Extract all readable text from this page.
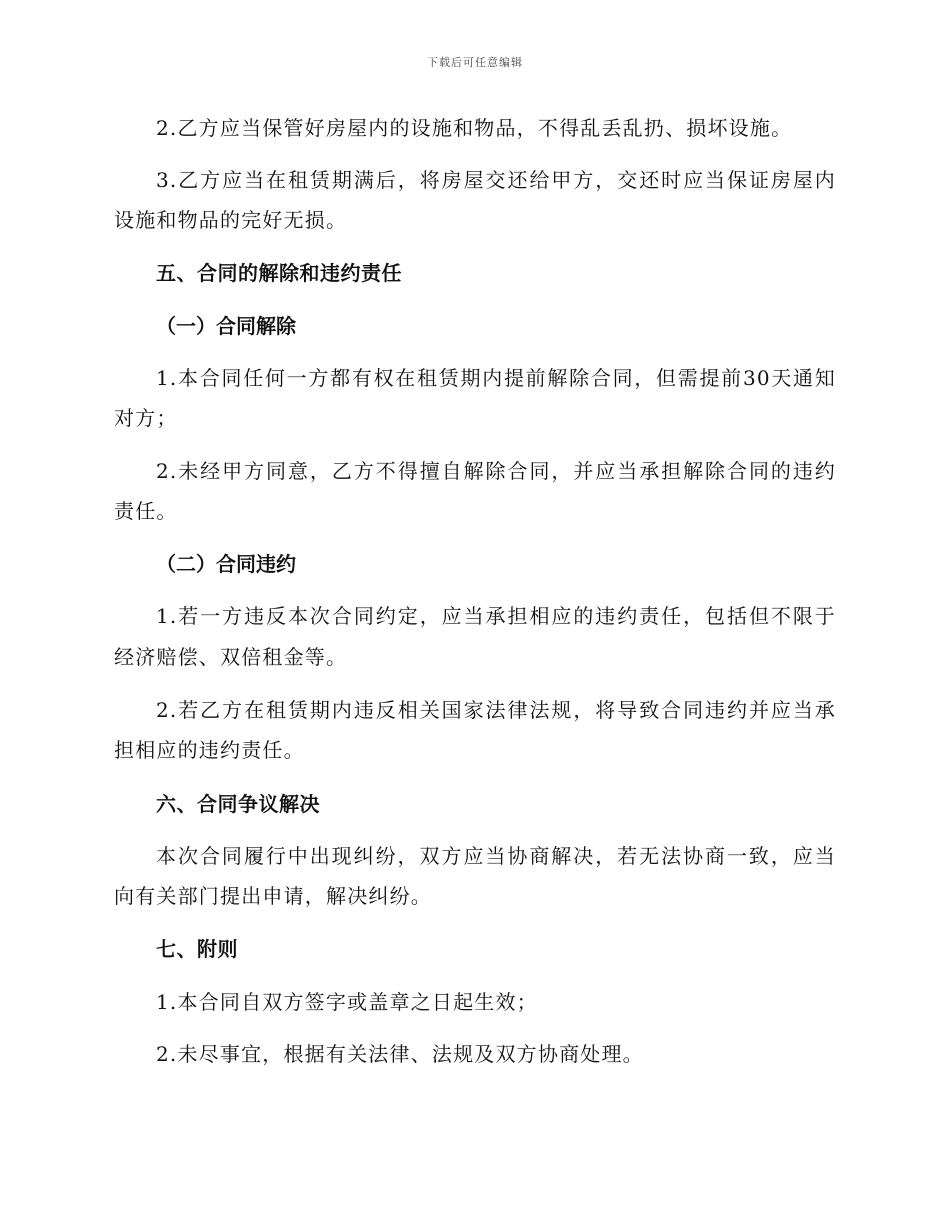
下载后可任意编辑
2.乙方应当保管好房屋内的设施和物品，不得乱丢乱扔、损坏设施。
3.乙方应当在租赁期满后，将房屋交还给甲方，交还时应当保证房屋内
设施和物品的完好无损。
五、合同的解除和违约责任
（一）合同解除
1.本合同任何一方都有权在租赁期内提前解除合同，但需提前30天通知
对方；
2.未经甲方同意，乙方不得擅自解除合同，并应当承担解除合同的违约
责任。
（二）合同违约
1.若一方违反本次合同约定，应当承担相应的违约责任，包括但不限于
经济赔偿、双倍租金等。
2.若乙方在租赁期内违反相关国家法律法规，将导致合同违约并应当承
担相应的违约责任。
六、合同争议解决
本次合同履行中出现纠纷，双方应当协商解决，若无法协商一致，应当
向有关部门提出申请，解决纠纷。
七、附则
1.本合同自双方签字或盖章之日起生效；
2.未尽事宜，根据有关法律、法规及双方协商处理。
